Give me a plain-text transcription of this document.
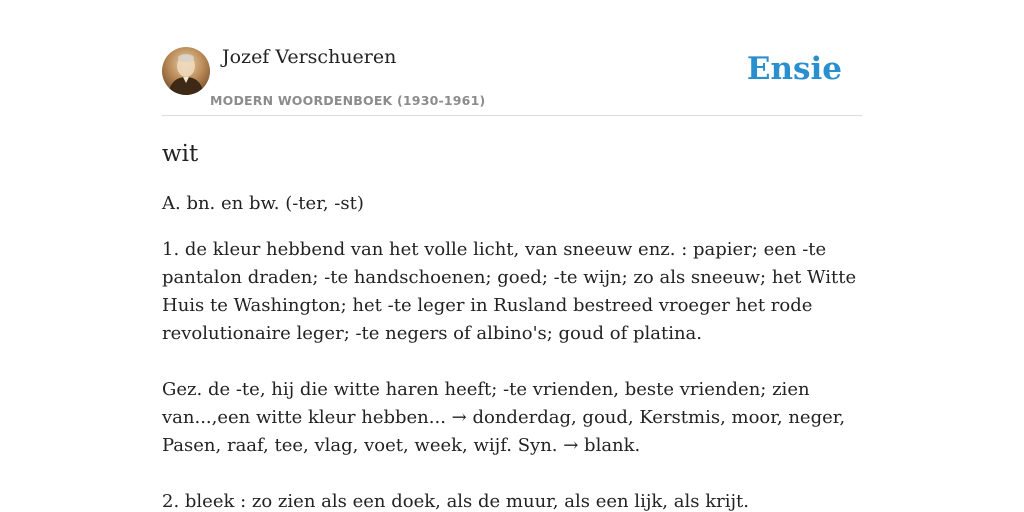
Jozef Verschueren
MODERN WOORDENBOEK (1930-1961)
Ensie
wit

A. bn. en bw. (-ter, -st)

1. de kleur hebbend van het volle licht, van sneeuw enz. : papier; een -te pantalon draden; -te handschoenen; goed; -te wijn; zo als sneeuw; het Witte Huis te Washington; het -te leger in Rusland bestreed vroeger het rode revolutionaire leger; -te negers of albino's; goud of platina.

Gez. de -te, hij die witte haren heeft; -te vrienden, beste vrienden; zien van...,een witte kleur hebben... → donderdag, goud, Kerstmis, moor, neger, Pasen, raaf, tee, vlag, voet, week, wijf. Syn. → blank.

2. bleek : zo zien als een doek, als de muur, als een lijk, als krijt.
